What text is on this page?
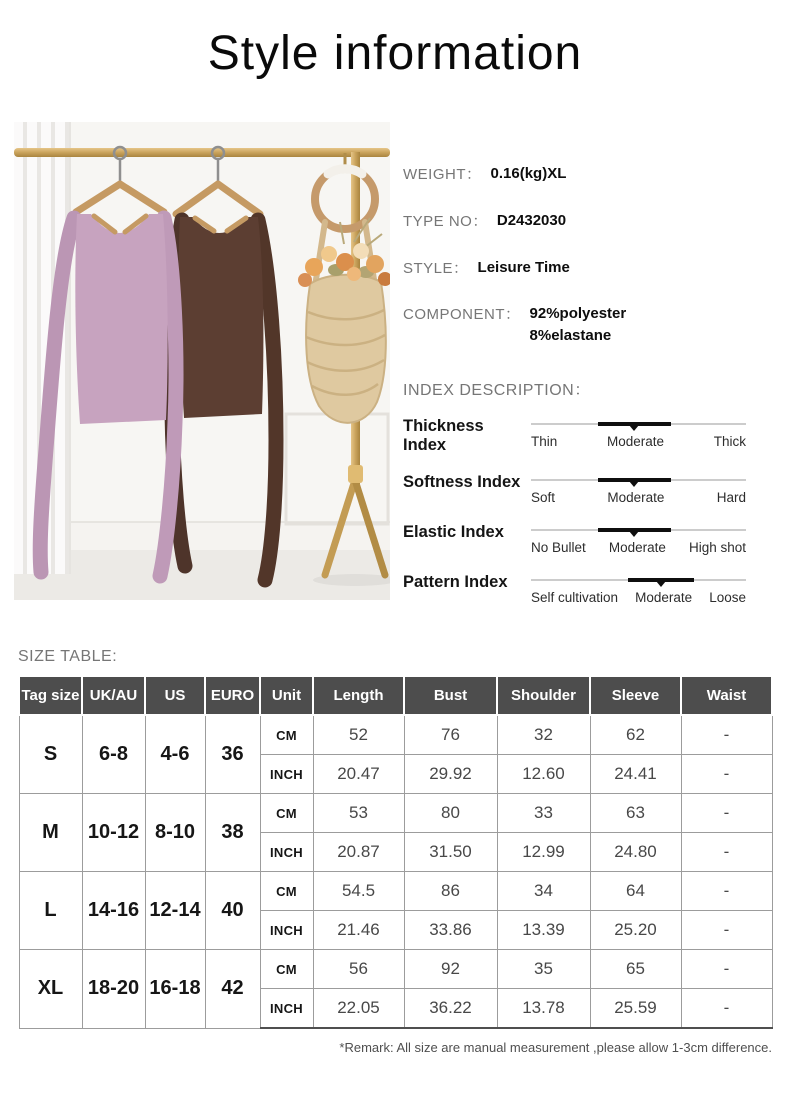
Style information
WEIGHT： 0.16(kg)XL
TYPE NO： D2432030
STYLE： Leisure Time
COMPONENT： 92%polyester
8%elastane
INDEX DESCRIPTION：
Thickness Index	Thin	Moderate	Thick
Softness Index
Soft	Moderate	Hard
Elastic Index
No Bullet Moderate High shot
Pattern Index
Self cultivation Moderate Loose
SIZE TABLE:
Tag size	UK/AU	US	EURO	Unit	Length	Bust	Shoulder	Sleeve	Waist
S	6-8	4-6	36	CM	52	76	32	62	-
				INCH	20.47	29.92	12.60	24.41	-
M	10-12	8-10	38	CM	53	80	33	63	-
				INCH	20.87	31.50	12.99	24.80	-
L	14-16	12-14	40	CM	54.5	86	34	64	-
				INCH	21.46	33.86	13.39	25.20	-
XL	18-20	16-18	42	CM	56	92	35	65	-
				INCH	22.05	36.22	13.78	25.59	-
*Remark: All size are manual measurement ,please allow 1-3cm difference.
